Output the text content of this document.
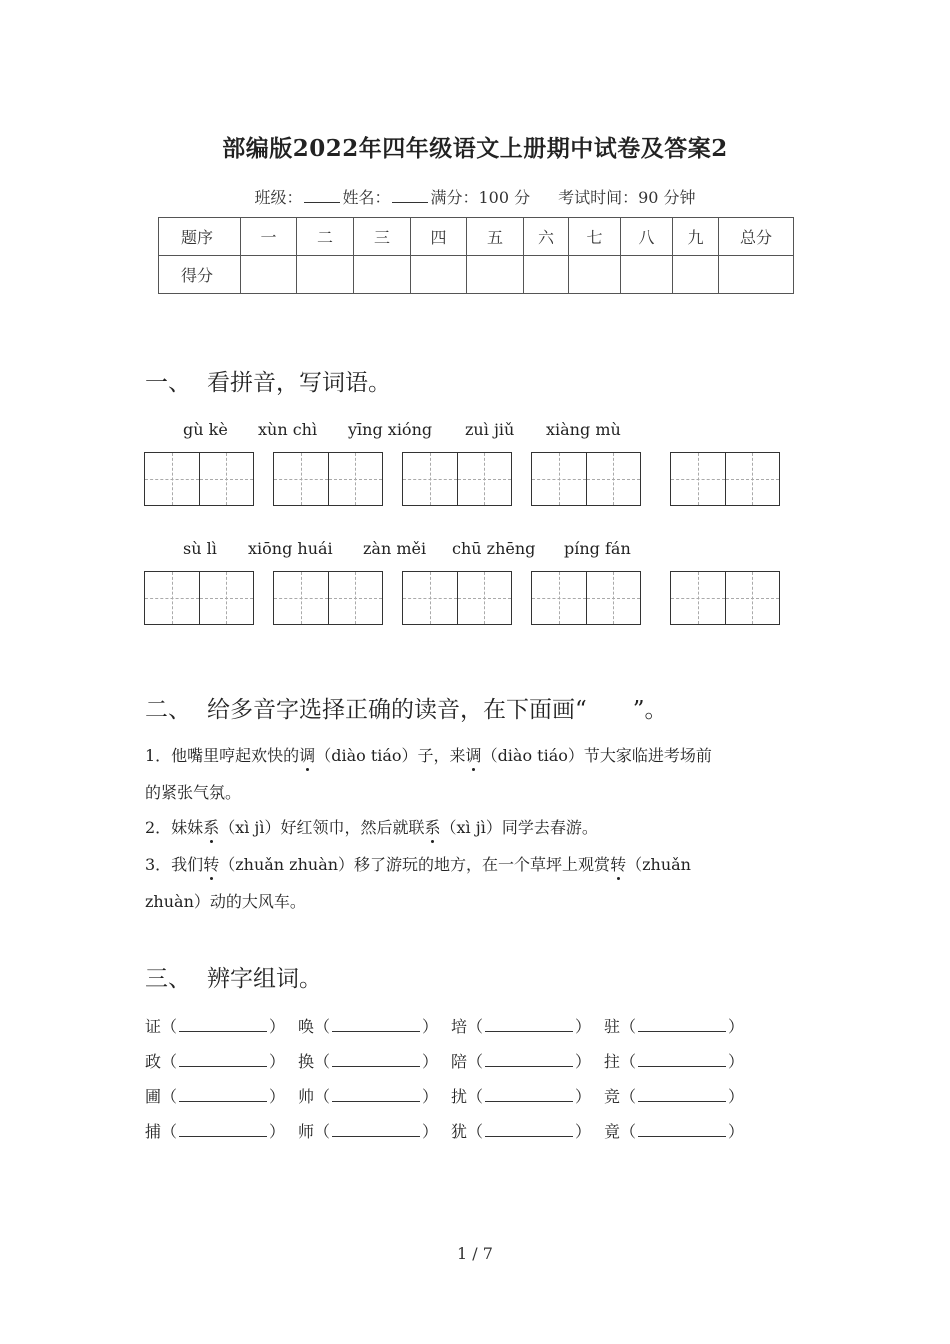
部编版2022年四年级语文上册期中试卷及答案2
班级：	姓名：	满分：100 分 考试时间：90 分钟
题序	一	二	三	四	五	六	七	八	九	总分
得分										
一、 看拼音，写词语。
gù kè xùn chì yīng xióng zuì jiǔ xiàng mù
sù lì xiōng huái zàn měi chū zhēng píng fán
二、 给多音字选择正确的读音，在下面画“　　”。
1．他嘴里哼起欢快的调（diào tiáo）子，来调（diào tiáo）节大家临进考场前
的紧张气氛。
2．妹妹系（xì jì）好红领巾，然后就联系（xì jì）同学去春游。
3．我们转（zhuǎn zhuàn）移了游玩的地方，在一个草坪上观赏转（zhuǎn
zhuàn）动的大风车。
三、 辨字组词。
证（	） 唤（	） 培（	） 驻（	）
政（	） 换（	） 陪（	） 拄（	）
圃（	） 帅（	） 扰（	） 竞（	）
捕（	） 师（	） 犹（	） 竟（	）
1 / 7
